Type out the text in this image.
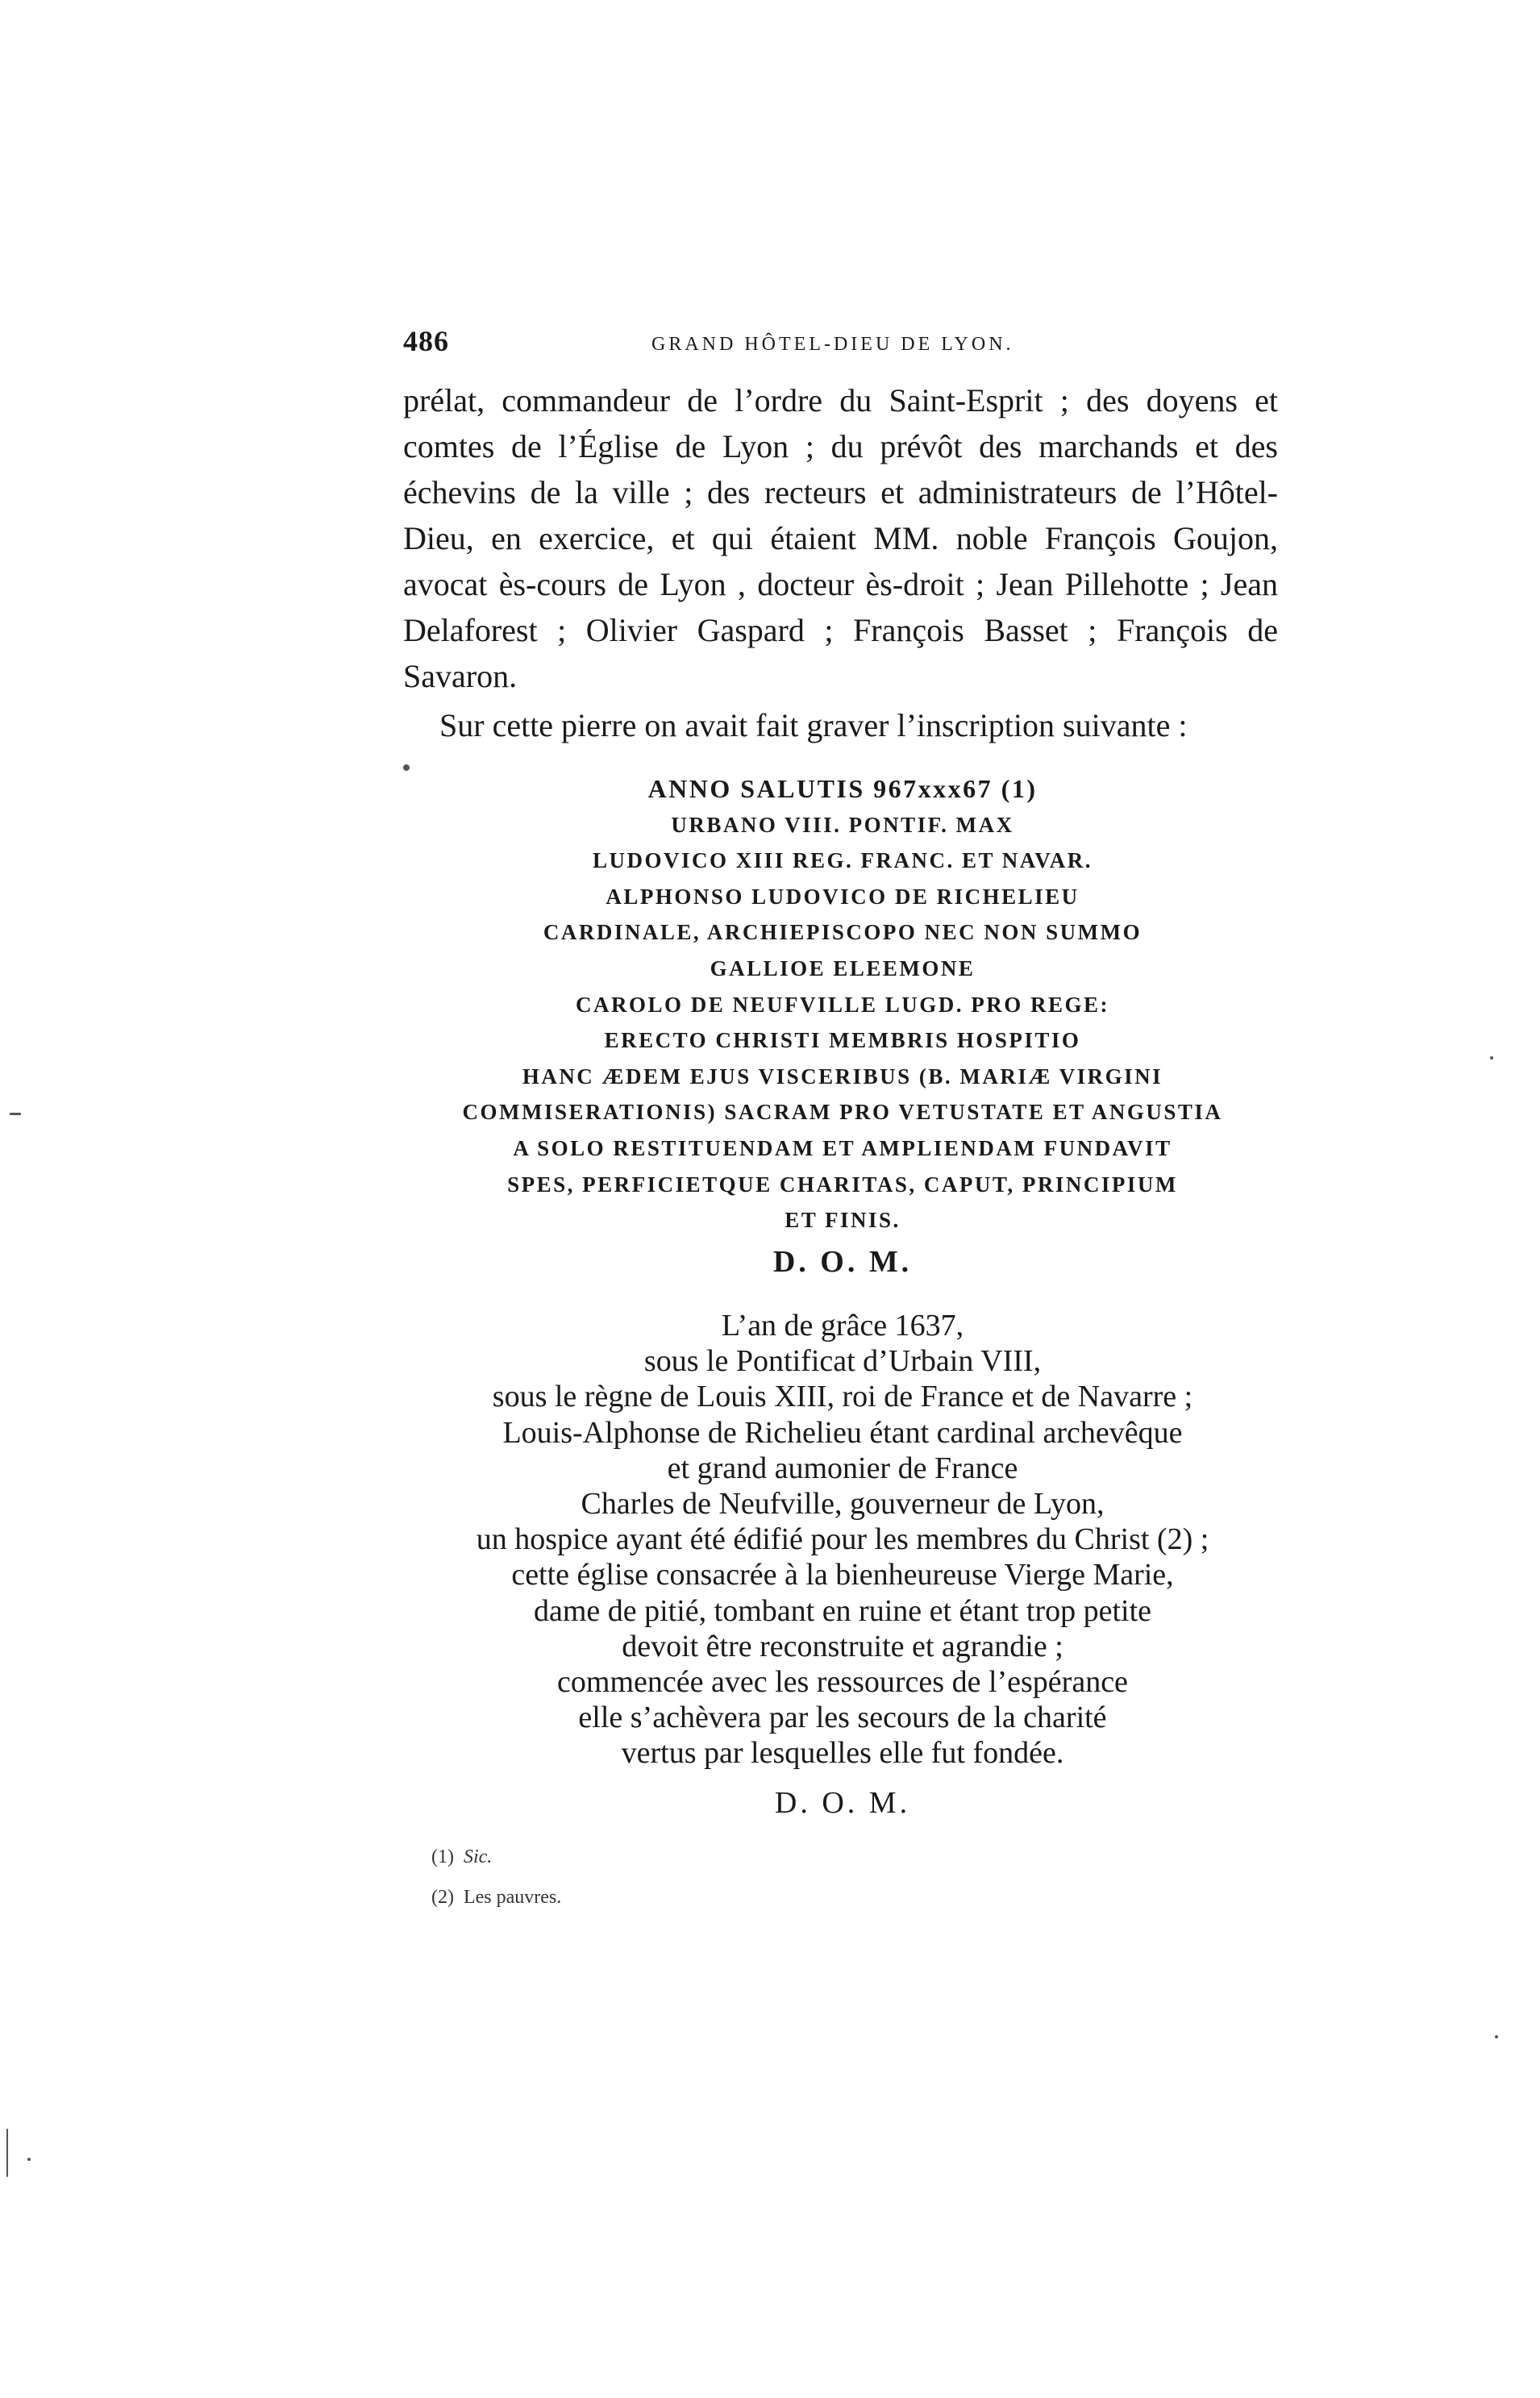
486	GRAND HÔTEL-DIEU DE LYON.

prélat, commandeur de l’ordre du Saint-Esprit ; des doyens et comtes de l’Église de Lyon ; du prévôt des marchands et des échevins de la ville ; des recteurs et administrateurs de l’Hôtel-Dieu, en exercice, et qui étaient MM. noble François Goujon, avocat ès-cours de Lyon , docteur ès-droit ; Jean Pillehotte ; Jean Delaforest ; Olivier Gaspard ; François Basset ; François de Savaron.

Sur cette pierre on avait fait graver l’inscription suivante :

ANNO SALUTIS 967xxx67 (1)
URBANO VIII. PONTIF. MAX
LUDOVICO XIII REG. FRANC. ET NAVAR.
ALPHONSO LUDOVICO DE RICHELIEU
CARDINALE, ARCHIEPISCOPO NEC NON SUMMO
GALLIOE ELEEMONE
CAROLO DE NEUFVILLE LUGD. PRO REGE:
ERECTO CHRISTI MEMBRIS HOSPITIO
HANC ÆDEM EJUS VISCERIBUS (B. MARIÆ VIRGINI
COMMISERATIONIS) SACRAM PRO VETUSTATE ET ANGUSTIA
A SOLO RESTITUENDAM ET AMPLIENDAM FUNDAVIT
SPES, PERFICIETQUE CHARITAS, CAPUT, PRINCIPIUM
ET FINIS.
D. O. M.
L’an de grâce 1637,
sous le Pontificat d’Urbain VIII,
sous le règne de Louis XIII, roi de France et de Navarre ;
Louis-Alphonse de Richelieu étant cardinal archevêque
et grand aumonier de France
Charles de Neufville, gouverneur de Lyon,
un hospice ayant été édifié pour les membres du Christ (2) ;
cette église consacrée à la bienheureuse Vierge Marie,
dame de pitié, tombant en ruine et étant trop petite
devoit être reconstruite et agrandie ;
commencée avec les ressources de l’espérance
elle s’achèvera par les secours de la charité
vertus par lesquelles elle fut fondée.
D. O. M.
(1) Sic.
(2) Les pauvres.
